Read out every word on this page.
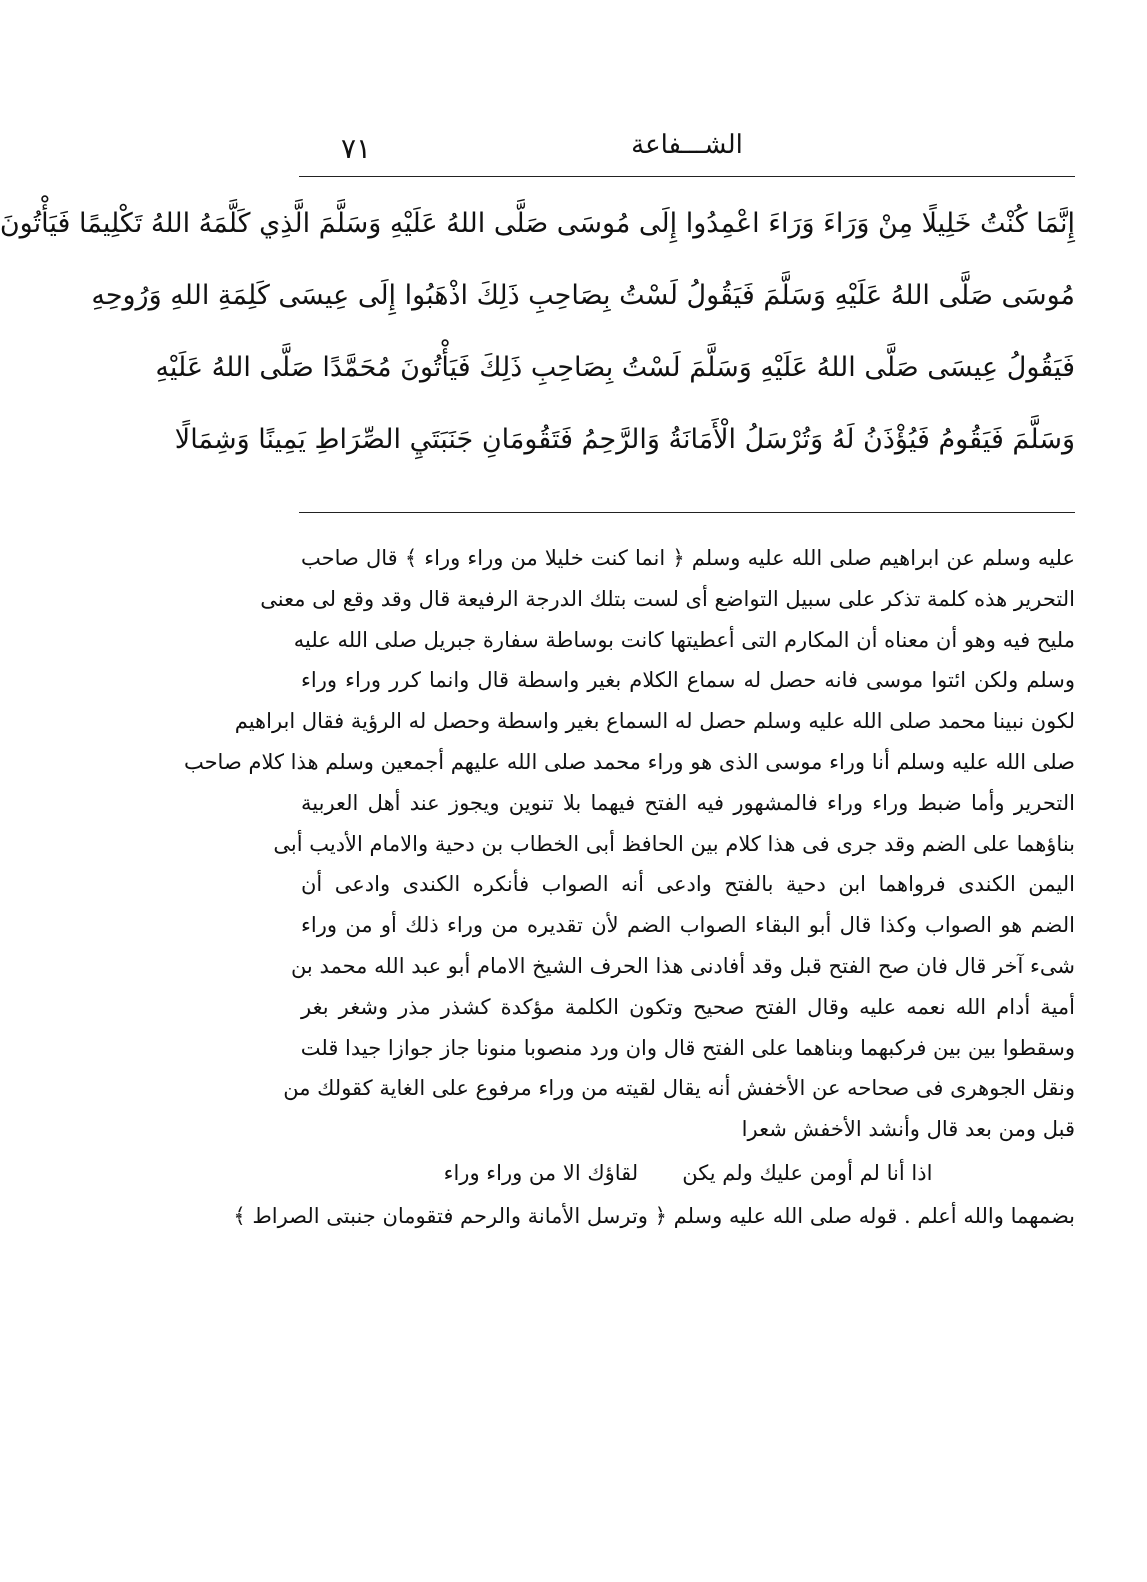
الشـــفاعة
٧١
إِنَّمَا كُنْتُ خَلِيلًا مِنْ وَرَاءَ وَرَاءَ اعْمِدُوا إِلَى مُوسَى صَلَّى اللهُ عَلَيْهِ وَسَلَّمَ الَّذِي كَلَّمَهُ اللهُ تَكْلِيمًا فَيَأْتُونَ
مُوسَى صَلَّى اللهُ عَلَيْهِ وَسَلَّمَ فَيَقُولُ لَسْتُ بِصَاحِبِ ذَلِكَ اذْهَبُوا إِلَى عِيسَى كَلِمَةِ اللهِ وَرُوحِهِ
فَيَقُولُ عِيسَى صَلَّى اللهُ عَلَيْهِ وَسَلَّمَ لَسْتُ بِصَاحِبِ ذَلِكَ فَيَأْتُونَ مُحَمَّدًا صَلَّى اللهُ عَلَيْهِ
وَسَلَّمَ فَيَقُومُ فَيُؤْذَنُ لَهُ وَتُرْسَلُ الْأَمَانَةُ وَالرَّحِمُ فَتَقُومَانِ جَنَبَتَيِ الصِّرَاطِ يَمِينًا وَشِمَالًا
عليه وسلم عن ابراهيم صلى الله عليه وسلم ﴿ انما كنت خليلا من وراء وراء ﴾ قال صاحب
التحرير هذه كلمة تذكر على سبيل التواضع أى لست بتلك الدرجة الرفيعة قال وقد وقع لى معنى
مليح فيه وهو أن معناه أن المكارم التى أعطيتها كانت بوساطة سفارة جبريل صلى الله عليه
وسلم ولكن ائتوا موسى فانه حصل له سماع الكلام بغير واسطة قال وانما كرر وراء وراء
لكون نبينا محمد صلى الله عليه وسلم حصل له السماع بغير واسطة وحصل له الرؤية فقال ابراهيم
صلى الله عليه وسلم أنا وراء موسى الذى هو وراء محمد صلى الله عليهم أجمعين وسلم هذا كلام صاحب
التحرير وأما ضبط وراء وراء فالمشهور فيه الفتح فيهما بلا تنوين ويجوز عند أهل العربية
بناؤهما على الضم وقد جرى فى هذا كلام بين الحافظ أبى الخطاب بن دحية والامام الأديب أبى
اليمن الكندى فرواهما ابن دحية بالفتح وادعى أنه الصواب فأنكره الكندى وادعى أن
الضم هو الصواب وكذا قال أبو البقاء الصواب الضم لأن تقديره من وراء ذلك أو من وراء
شىء آخر قال فان صح الفتح قبل وقد أفادنى هذا الحرف الشيخ الامام أبو عبد الله محمد بن
أمية أدام الله نعمه عليه وقال الفتح صحيح وتكون الكلمة مؤكدة كشذر مذر وشغر بغر
وسقطوا بين بين فركبهما وبناهما على الفتح قال وان ورد منصوبا منونا جاز جوازا جيدا قلت
ونقل الجوهرى فى صحاحه عن الأخفش أنه يقال لقيته من وراء مرفوع على الغاية كقولك من
قبل ومن بعد قال وأنشد الأخفش شعرا
اذا أنا لم أومن عليك ولم يكن
لقاؤك الا من وراء وراء
بضمهما والله أعلم . قوله صلى الله عليه وسلم ﴿ وترسل الأمانة والرحم فتقومان جنبتى الصراط ﴾
